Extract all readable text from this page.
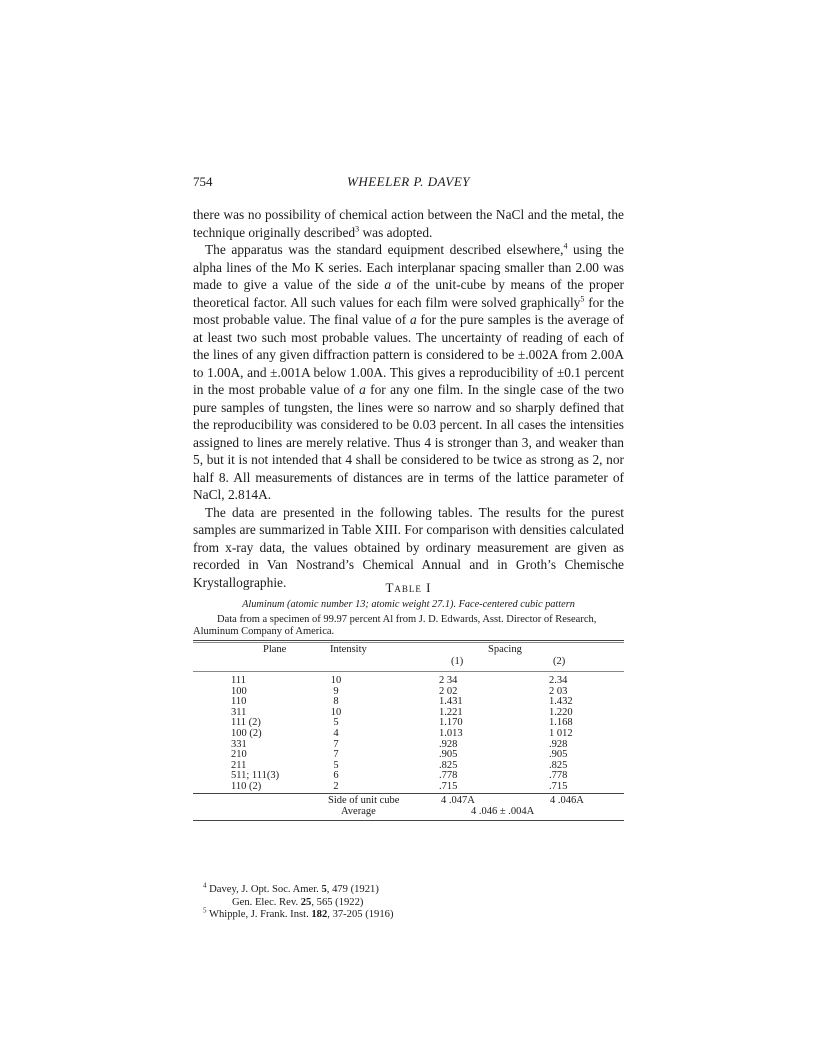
754	WHEELER P. DAVEY

there was no possibility of chemical action between the NaCl and the metal, the technique originally described$^3$ was adopted.

The apparatus was the standard equipment described elsewhere,$^4$ using the alpha lines of the Mo K series. Each interplanar spacing smaller than 2.00 was made to give a value of the side a of the unit-cube by means of the proper theoretical factor. All such values for each film were solved graphically$^5$ for the most probable value. The final value of a for the pure samples is the average of at least two such most probable values. The uncertainty of reading of each of the lines of any given diffraction pattern is considered to be ±.002A from 2.00A to 1.00A, and ±.001A below 1.00A. This gives a reproducibility of ±0.1 percent in the most probable value of a for any one film. In the single case of the two pure samples of tungsten, the lines were so narrow and so sharply defined that the reproducibility was considered to be 0.03 percent. In all cases the intensities assigned to lines are merely relative. Thus 4 is stronger than 3, and weaker than 5, but it is not intended that 4 shall be considered to be twice as strong as 2, nor half 8. All measurements of distances are in terms of the lattice parameter of NaCl, 2.814A.

The data are presented in the following tables. The results for the purest samples are summarized in Table XIII. For comparison with densities calculated from x-ray data, the values obtained by ordinary measurement are given as recorded in Van Nostrand’s Chemical Annual and in Groth’s Chemische Krystallographie.	Table I
Aluminum (atomic number 13; atomic weight 27.1). Face-centered cubic pattern
Data from a specimen of 99.97 percent Al from J. D. Edwards, Asst. Director of Research, Aluminum Company of America.
Plane	Intensity	Spacing
(1)	(2)
111	10	2 34	2.34
100	9	2 02	2 03
110	8	1.431	1.432
311	10	1.221	1.220
111 (2)	5	1.170	1.168
100 (2)	4	1.013	1 012
331	7	.928	.928
210	7	.905	.905
211	5	.825	.825
511; 111(3)	6	.778	.778
110 (2)	2	.715	.715
Side of unit cube	4 .047A	4 .046A
Average	4 .046 ± .004A

$^4$ Davey, J. Opt. Soc. Amer. 5, 479 (1921)

Gen. Elec. Rev. 25, 565 (1922)

$^5$ Whipple, J. Frank. Inst. 182, 37-205 (1916)
